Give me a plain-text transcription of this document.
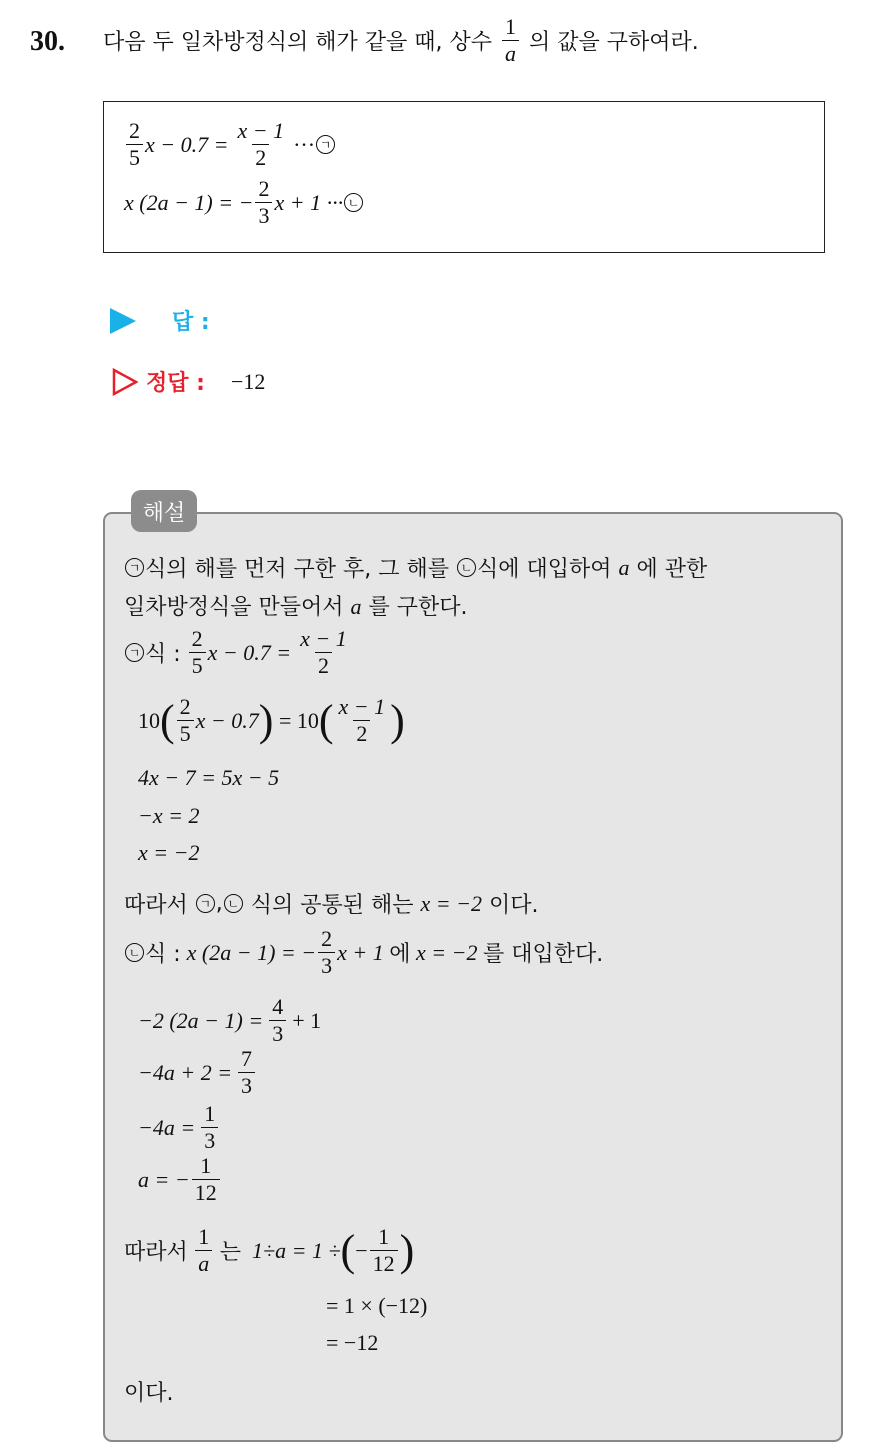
30. 다음 두 일차방정식의 해가 같을 때, 상수 $\frac{1}{a}$ 의 값을 구하여라.
$\frac{2}{5}$ $x - 0.7 = \frac{x - 1}{2}$ ··· ㄱ
x (2a − 1) = − $\frac{2}{3}$ x + 1 ··· ㄴ
답 :
정답 : −12
해설
ㄱ 식의 해를 먼저 구한 후, 그 해를
ㄴ 식에 대입하여
a
에 관한
일차방정식을 만들어서 a 를 구한다.
ㄱ 식 : $\frac{2}{5}$ $x - 0.7 = \frac{x - 1}{2}$
10 ( $\frac{2}{5}$ x − 0.7 ) = 10 ( $\frac{x - 1}{2}$ )
4x − 7 = 5x − 5
−x = 2
x = −2
따라서
ㄱ , ㄴ
식의 공통된 해는
x = −2
이다.
ㄴ 식 : x (2a − 1) = − $\frac{2}{3}$ x + 1
에
x = −2
를 대입한다.
−2 $(2a - 1) = \frac{4}{3} + 1$
$-4a + 2 = \frac{7}{3}$
$-4a = \frac{1}{3}$
a = − $\frac{1}{12}$
따라서
$\frac{1}{a}$
는
1÷a = 1 ÷ ( − $\frac{1}{12}$ )
= 1 × (−12)
= −12
이다.
